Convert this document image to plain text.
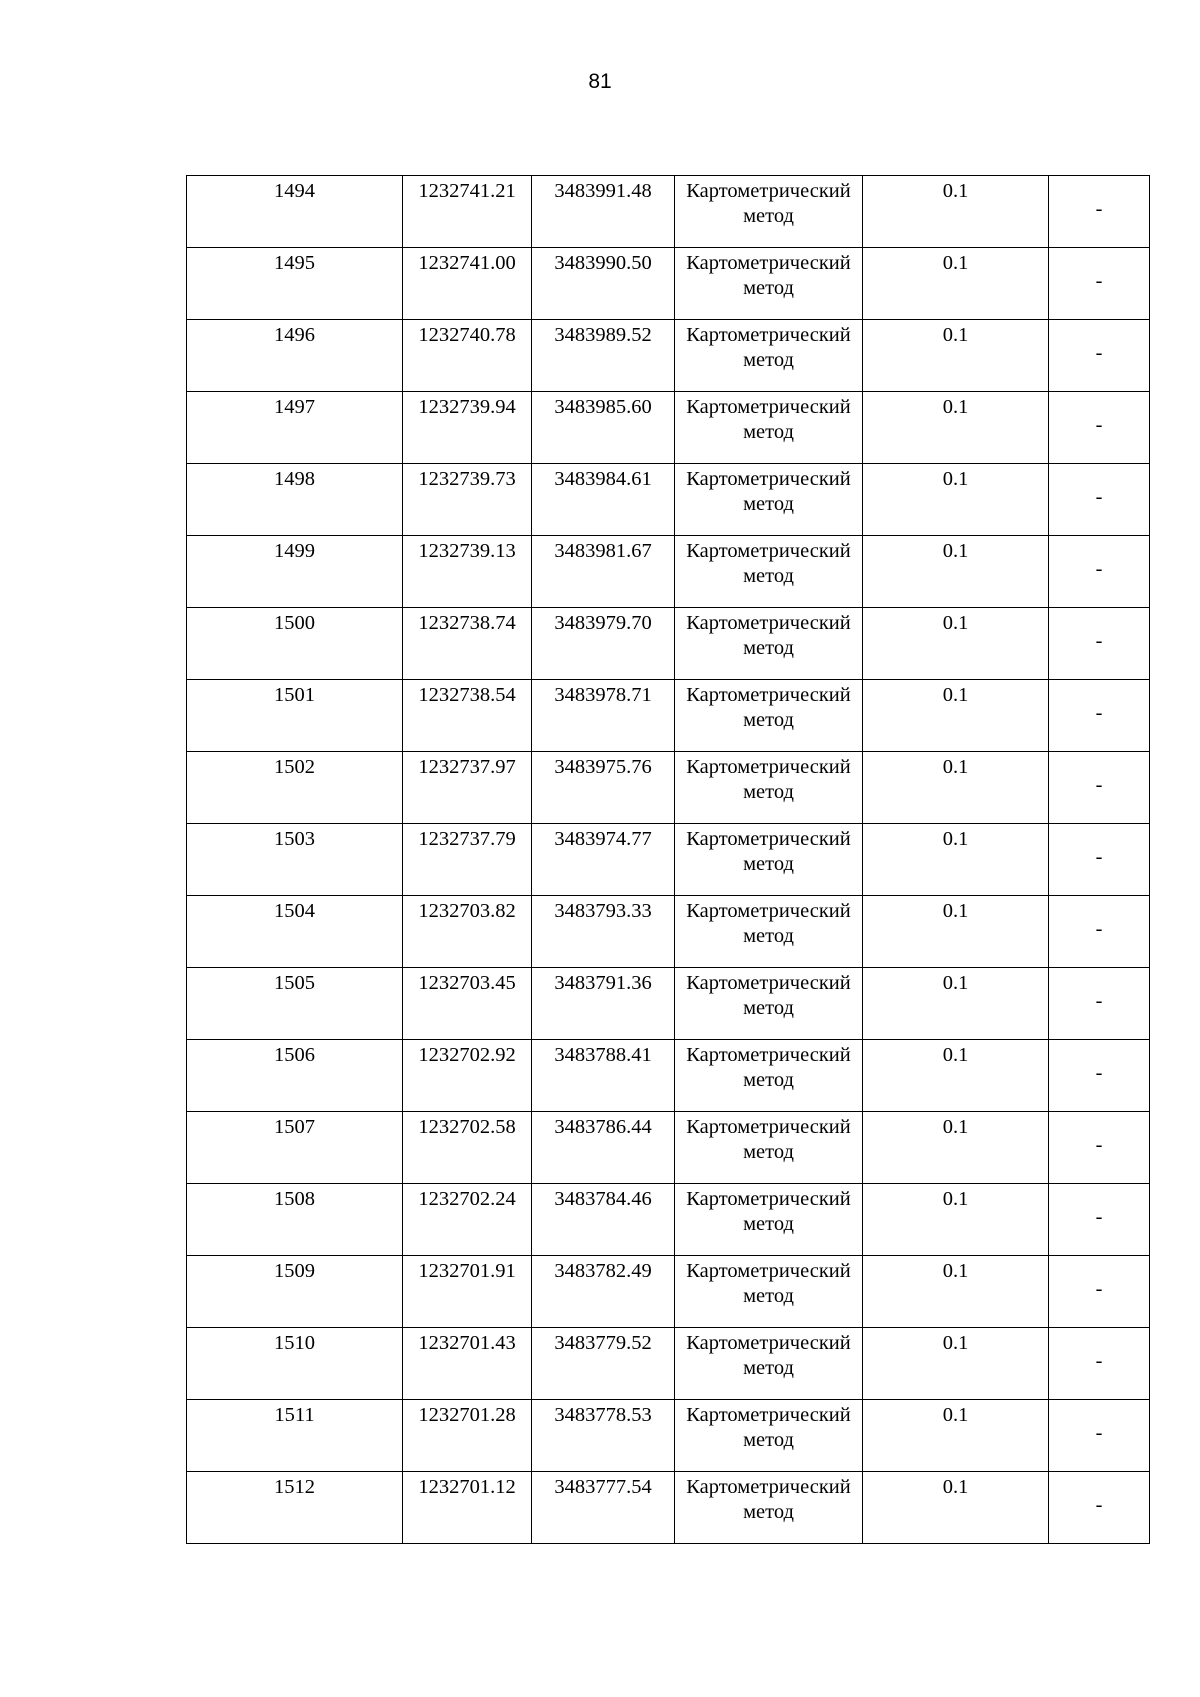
81
1494	1232741.21	3483991.48	Картометрический метод	0.1	-

1495	1232741.00	3483990.50	Картометрический метод	0.1	-

1496	1232740.78	3483989.52	Картометрический метод	0.1	-

1497	1232739.94	3483985.60	Картометрический метод	0.1	-

1498	1232739.73	3483984.61	Картометрический метод	0.1	-

1499	1232739.13	3483981.67	Картометрический метод	0.1	-

1500	1232738.74	3483979.70	Картометрический метод	0.1	-

1501	1232738.54	3483978.71	Картометрический метод	0.1	-

1502	1232737.97	3483975.76	Картометрический метод	0.1	-

1503	1232737.79	3483974.77	Картометрический метод	0.1	-

1504	1232703.82	3483793.33	Картометрический метод	0.1	-

1505	1232703.45	3483791.36	Картометрический метод	0.1	-

1506	1232702.92	3483788.41	Картометрический метод	0.1	-

1507	1232702.58	3483786.44	Картометрический метод	0.1	-

1508	1232702.24	3483784.46	Картометрический метод	0.1	-

1509	1232701.91	3483782.49	Картометрический метод	0.1	-

1510	1232701.43	3483779.52	Картометрический метод	0.1	-

1511	1232701.28	3483778.53	Картометрический метод	0.1	-

1512	1232701.12	3483777.54	Картометрический метод	0.1	-
